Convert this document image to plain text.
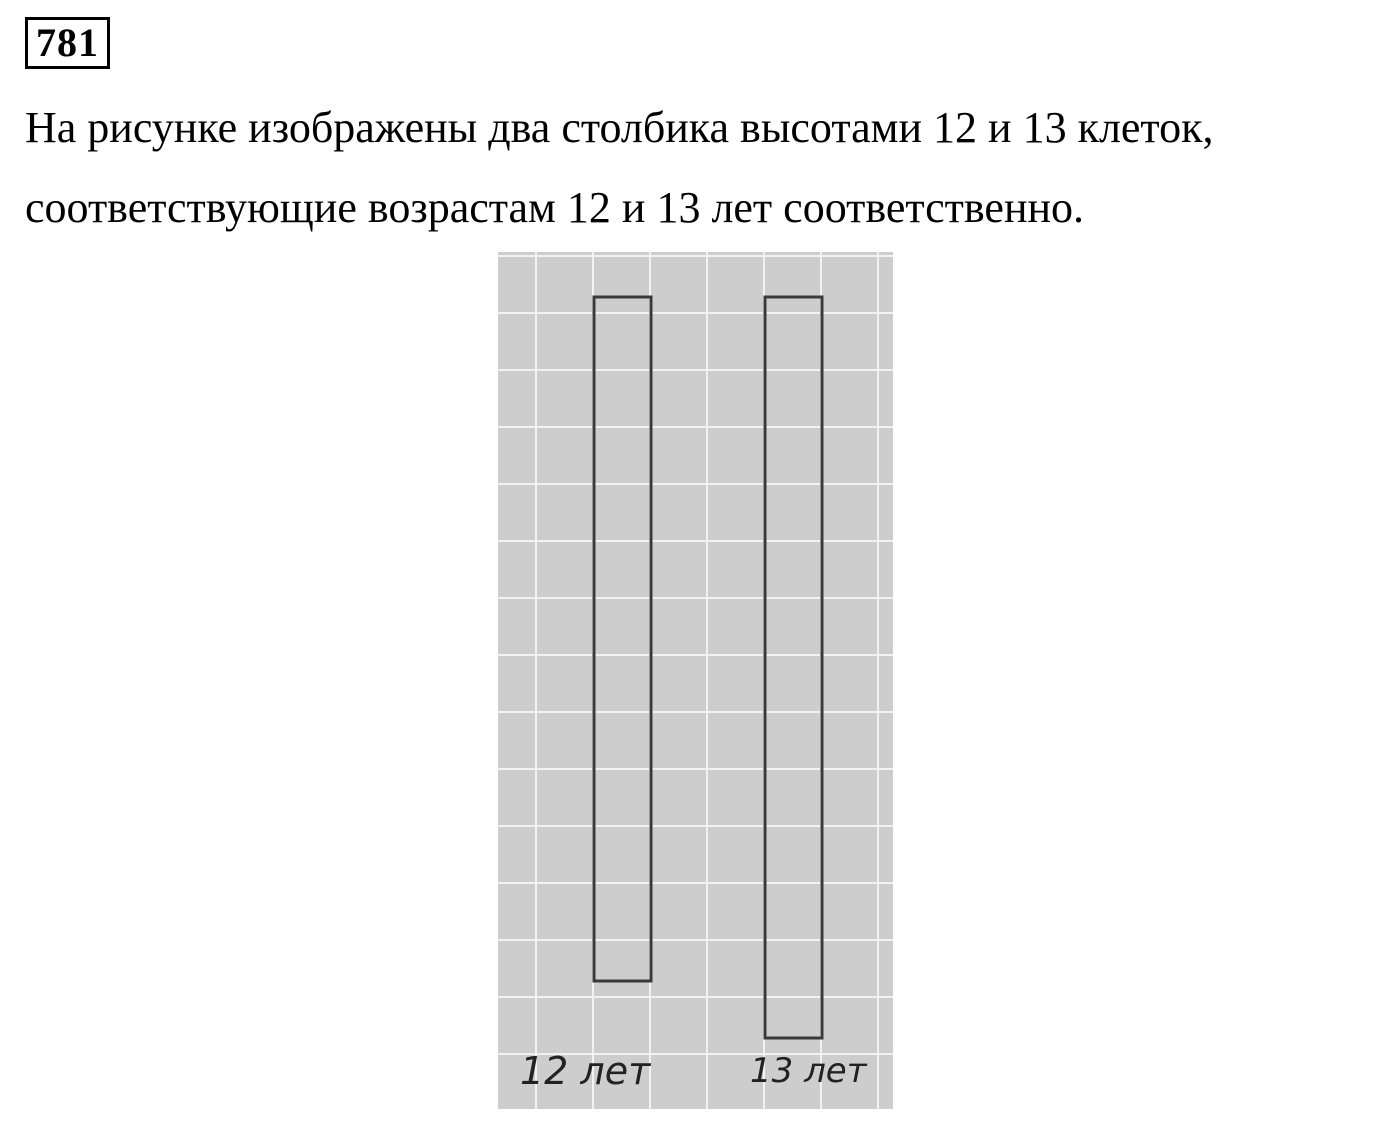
781
На рисунке изображены два столбика высотами 12 и 13 клеток,
соответствующие возрастам 12 и 13 лет соответственно.
12 лет	13 лет
